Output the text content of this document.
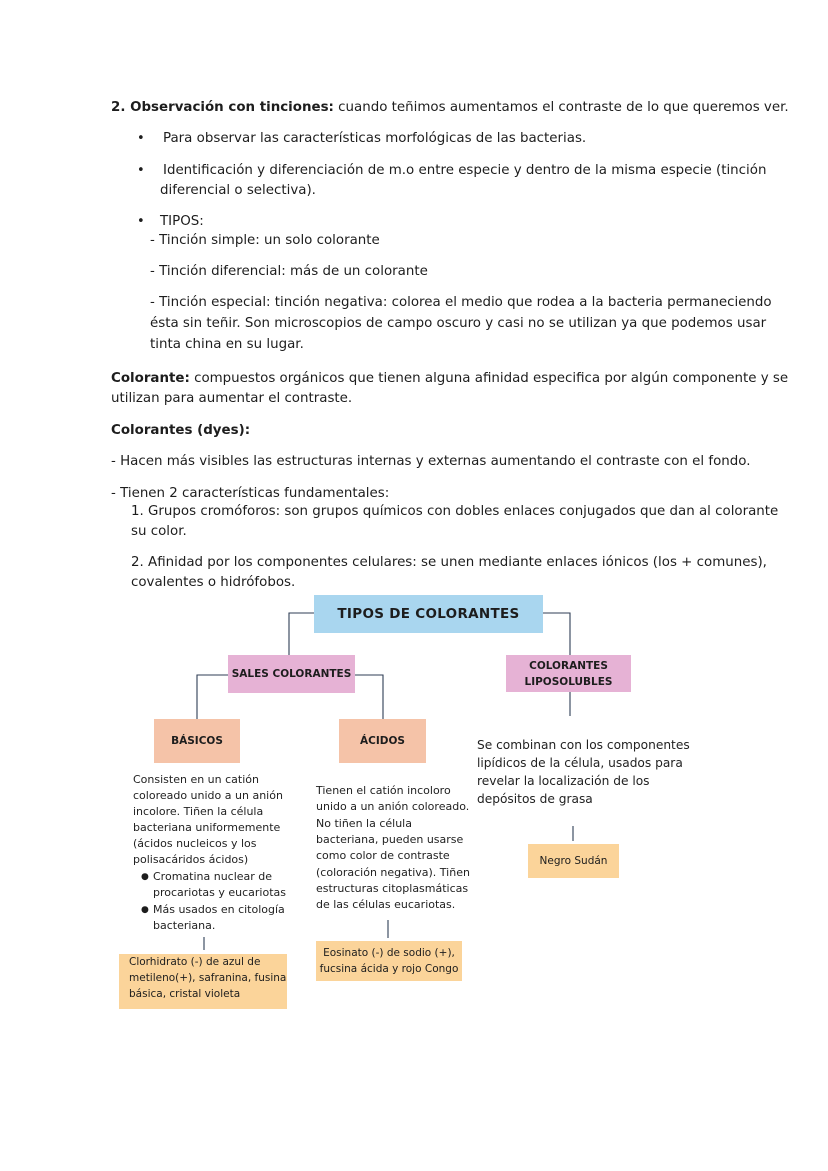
2. Observación con tinciones: cuando teñimos aumentamos el contraste de lo que queremos ver.
• Para observar las características morfológicas de las bacterias.
• Identificación y diferenciación de m.o entre especie y dentro de la misma especie (tinción
diferencial o selectiva).
• TIPOS:
- Tinción simple: un solo colorante
- Tinción diferencial: más de un colorante
- Tinción especial: tinción negativa: colorea el medio que rodea a la bacteria permaneciendo
ésta sin teñir. Son microscopios de campo oscuro y casi no se utilizan ya que podemos usar
tinta china en su lugar.
Colorante: compuestos orgánicos que tienen alguna afinidad especifica por algún componente y se
utilizan para aumentar el contraste.
Colorantes (dyes):
- Hacen más visibles las estructuras internas y externas aumentando el contraste con el fondo.
- Tienen 2 características fundamentales:
1. Grupos cromóforos: son grupos químicos con dobles enlaces conjugados que dan al colorante
su color.
2. Afinidad por los componentes celulares: se unen mediante enlaces iónicos (los + comunes),
covalentes o hidrófobos.
TIPOS DE COLORANTES
SALES COLORANTES
COLORANTES
LIPOSOLUBLES
BÁSICOS	ÁCIDOS
Consisten en un catión
coloreado unido a un anión
incolore. Tiñen la célula
bacteriana uniformemente
(ácidos nucleicos y los
polisacáridos ácidos)
● Cromatina nuclear de
procariotas y eucariotas
● Más usados en citología
bacteriana.
Tienen el catión incoloro
unido a un anión coloreado.
No tiñen la célula
bacteriana, pueden usarse
como color de contraste
(coloración negativa). Tiñen
estructuras citoplasmáticas
de las células eucariotas.
Se combinan con los componentes
lipídicos de la célula, usados para
revelar la localización de los
depósitos de grasa
Clorhidrato (-) de azul de
metileno(+), safranina, fusina
básica, cristal violeta
Eosinato (-) de sodio (+),
fucsina ácida y rojo Congo
Negro Sudán
